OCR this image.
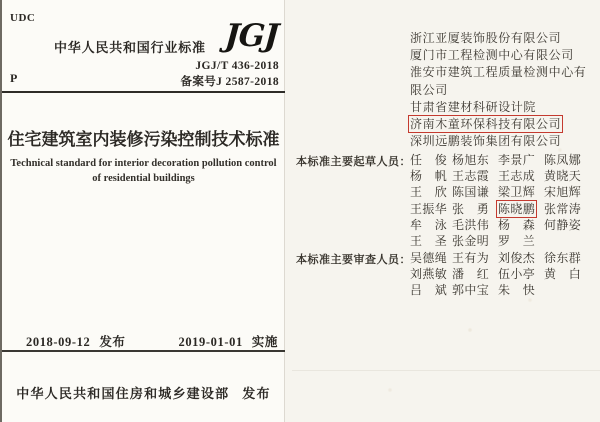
UDC
中华人民共和国行业标准 JGJ
JGJ/T 436-2018
备案号J 2587-2018
P
住宅建筑室内装修污染控制技术标准
Technical standard for interior decoration pollution control
of residential buildings
2018-09-12 发布	2019-01-01 实施
中华人民共和国住房和城乡建设部 发布
浙江亚厦装饰股份有限公司
厦门市工程检测中心有限公司
淮安市建筑工程质量检测中心有限公司
甘肃省建材科研设计院
济南木童环保科技有限公司
深圳远鹏装饰集团有限公司
本标准主要起草人员： 任　俊 杨旭东 李景广 陈凤娜
杨　帆 王志霞 王志成 黄晓天
王　欣 陈国谦 梁卫辉 宋旭辉
王振华 张　勇 陈晓鹏 张常涛
牟　泳 毛洪伟 杨　森 何静姿
王　圣 张金明 罗　兰
本标准主要审查人员： 吴德绳 王有为 刘俊杰 徐东群
刘燕敏 潘　红 伍小亭 黄　白
吕　斌 郭中宝 朱　快
